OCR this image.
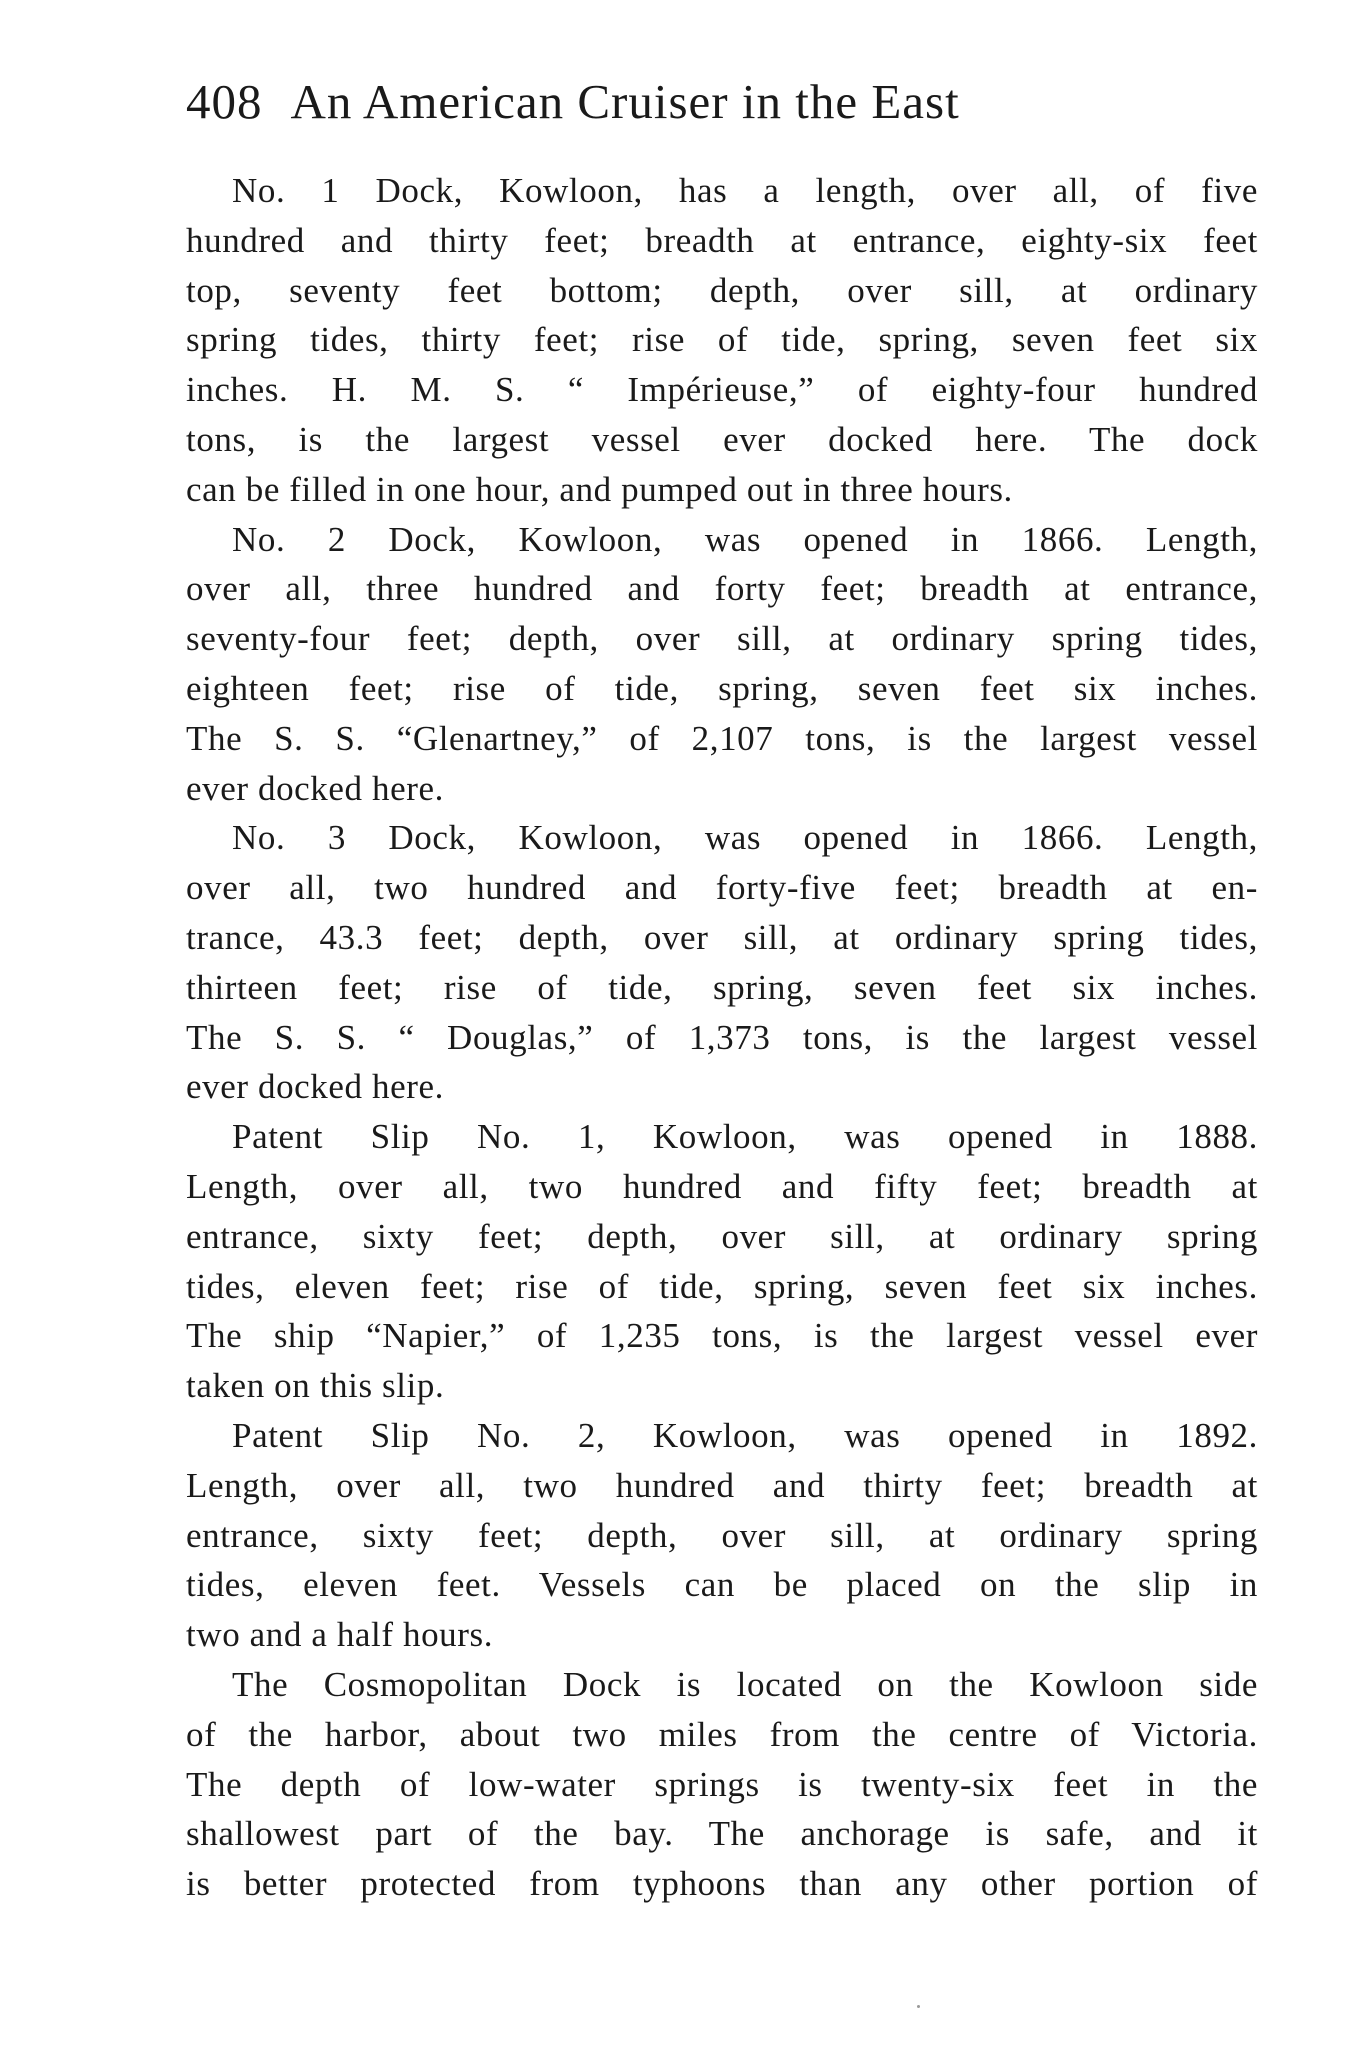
408 An American Cruiser in the East
No. 1 Dock, Kowloon, has a length, over all, of five
hundred and thirty feet; breadth at entrance, eighty-six feet
top, seventy feet bottom; depth, over sill, at ordinary
spring tides, thirty feet; rise of tide, spring, seven feet six
inches. H. M. S. “ Impérieuse,” of eighty-four hundred
tons, is the largest vessel ever docked here. The dock
can be filled in one hour, and pumped out in three hours.
No. 2 Dock, Kowloon, was opened in 1866. Length,
over all, three hundred and forty feet; breadth at entrance,
seventy-four feet; depth, over sill, at ordinary spring tides,
eighteen feet; rise of tide, spring, seven feet six inches.
The S. S. “Glenartney,” of 2,107 tons, is the largest vessel
ever docked here.
No. 3 Dock, Kowloon, was opened in 1866. Length,
over all, two hundred and forty-five feet; breadth at en-
trance, 43.3 feet; depth, over sill, at ordinary spring tides,
thirteen feet; rise of tide, spring, seven feet six inches.
The S. S. “ Douglas,” of 1,373 tons, is the largest vessel
ever docked here.
Patent Slip No. 1, Kowloon, was opened in 1888.
Length, over all, two hundred and fifty feet; breadth at
entrance, sixty feet; depth, over sill, at ordinary spring
tides, eleven feet; rise of tide, spring, seven feet six inches.
The ship “Napier,” of 1,235 tons, is the largest vessel ever
taken on this slip.
Patent Slip No. 2, Kowloon, was opened in 1892.
Length, over all, two hundred and thirty feet; breadth at
entrance, sixty feet; depth, over sill, at ordinary spring
tides, eleven feet. Vessels can be placed on the slip in
two and a half hours.
The Cosmopolitan Dock is located on the Kowloon side
of the harbor, about two miles from the centre of Victoria.
The depth of low-water springs is twenty-six feet in the
shallowest part of the bay. The anchorage is safe, and it
is better protected from typhoons than any other portion of
